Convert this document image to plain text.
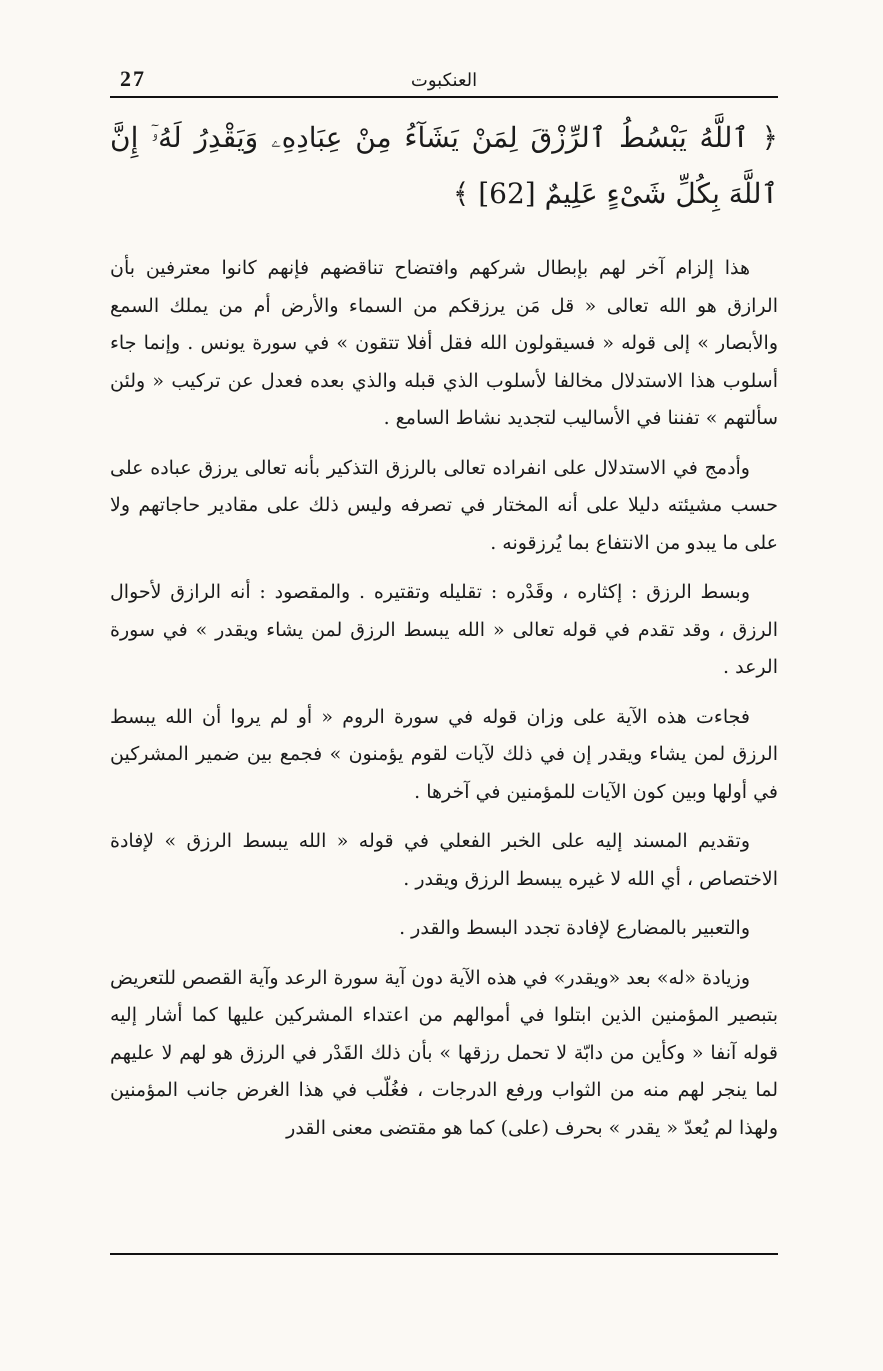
27	العنكبوت
﴿ ٱللَّهُ يَبْسُطُ ٱلرِّزْقَ لِمَنْ يَشَآءُ مِنْ عِبَادِهِۦ وَيَقْدِرُ لَهُۥٓ إِنَّ ٱللَّهَ بِكُلِّ شَىْءٍ عَلِيمٌ [62] ﴾

هذا إلزام آخر لهم بإبطال شركهم وافتضاح تناقضهم فإنهم كانوا معترفين بأن الرازق هو الله تعالى « قل مَن يرزقكم من السماء والأرض أم من يملك السمع والأبصار » إلى قوله « فسيقولون الله فقل أفلا تتقون » في سورة يونس . وإنما جاء أسلوب هذا الاستدلال مخالفا لأسلوب الذي قبله والذي بعده فعدل عن تركيب « ولئن سألتهم » تفننا في الأساليب لتجديد نشاط السامع .

وأدمج في الاستدلال على انفراده تعالى بالرزق التذكير بأنه تعالى يرزق عباده على حسب مشيئته دليلا على أنه المختار في تصرفه وليس ذلك على مقادير حاجاتهم ولا على ما يبدو من الانتفاع بما يُرزقونه .

وبسط الرزق : إكثاره ، وقَدْره : تقليله وتقتيره . والمقصود : أنه الرازق لأحوال الرزق ، وقد تقدم في قوله تعالى « الله يبسط الرزق لمن يشاء ويقدر » في سورة الرعد .

فجاءت هذه الآية على وزان قوله في سورة الروم « أو لم يروا أن الله يبسط الرزق لمن يشاء ويقدر إن في ذلك لآيات لقوم يؤمنون » فجمع بين ضمير المشركين في أولها وبين كون الآيات للمؤمنين في آخرها .

وتقديم المسند إليه على الخبر الفعلي في قوله « الله يبسط الرزق » لإفادة الاختصاص ، أي الله لا غيره يبسط الرزق ويقدر .

والتعبير بالمضارع لإفادة تجدد البسط والقدر .

وزيادة «له» بعد «ويقدر» في هذه الآية دون آية سورة الرعد وآية القصص للتعريض بتبصير المؤمنين الذين ابتلوا في أموالهم من اعتداء المشركين عليها كما أشار إليه قوله آنفا « وكأين من دابّة لا تحمل رزقها » بأن ذلك القَدْر في الرزق هو لهم لا عليهم لما ينجر لهم منه من الثواب ورفع الدرجات ، فغُلّب في هذا الغرض جانب المؤمنين ولهذا لم يُعدّ « يقدر » بحرف (على) كما هو مقتضى معنى القدر
